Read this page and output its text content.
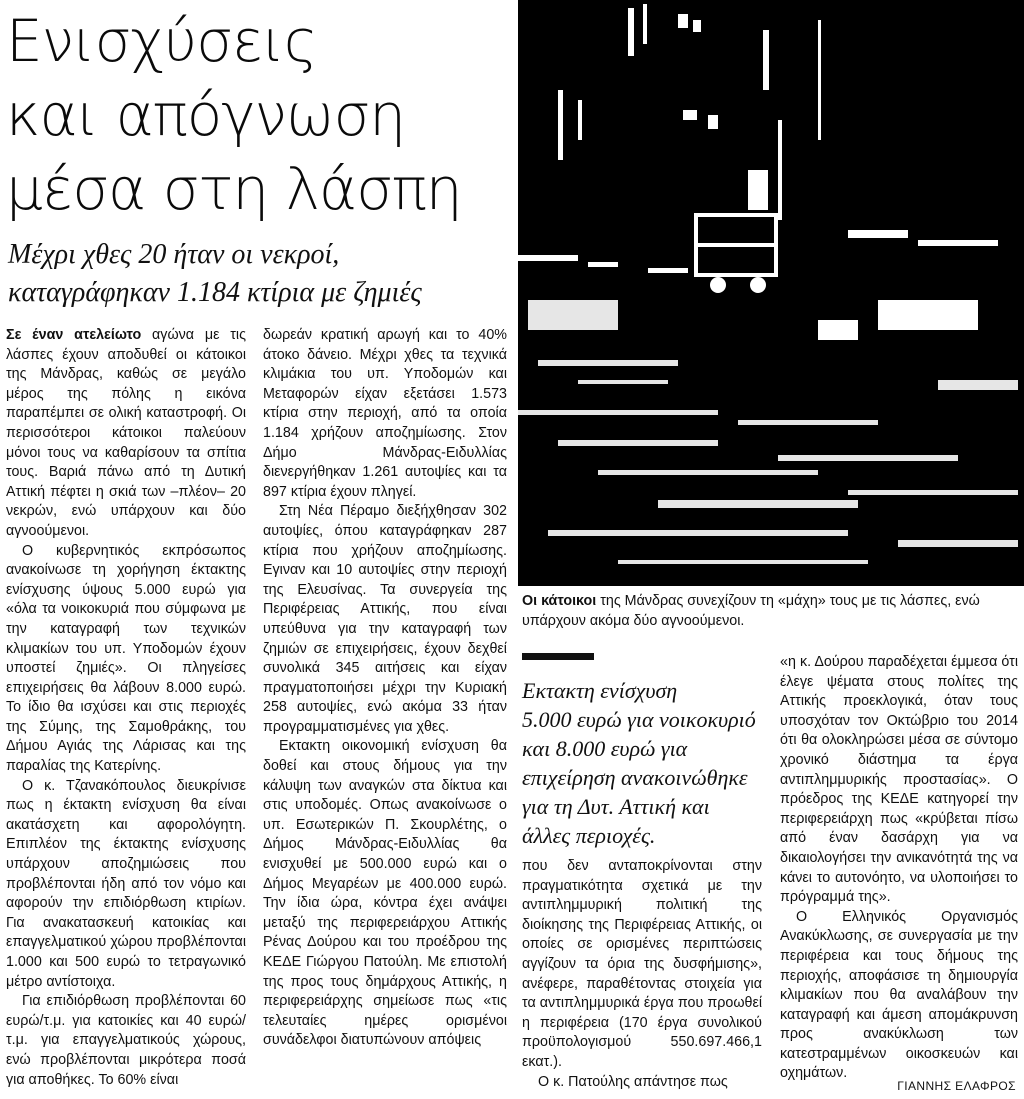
Ενισχύσεις
και απόγνωση
μέσα στη λάσπη
Μέχρι χθες 20 ήταν οι νεκροί,
καταγράφηκαν 1.184 κτίρια με ζημιές

Σε έναν ατελείωτο αγώνα με τις λάσπες έχουν αποδυθεί οι κάτοικοι της Μάνδρας, καθώς σε μεγάλο μέρος της πόλης η εικόνα παραπέμπει σε ολική καταστροφή. Οι περισσότεροι κάτοικοι παλεύουν μόνοι τους να καθαρίσουν τα σπίτια τους. Βαριά πάνω από τη Δυτική Αττική πέφτει η σκιά των –πλέον– 20 νεκρών, ενώ υπάρχουν και δύο αγνοούμενοι.

Ο κυβερνητικός εκπρόσωπος ανακοίνωσε τη χορήγηση έκτακτης ενίσχυσης ύψους 5.000 ευρώ για «όλα τα νοικοκυριά που σύμφωνα με την καταγραφή των τεχνικών κλιμακίων του υπ. Υποδομών έχουν υποστεί ζημιές». Οι πληγείσες επιχειρήσεις θα λάβουν 8.000 ευρώ. Το ίδιο θα ισχύσει και στις περιοχές της Σύμης, της Σαμοθράκης, του Δήμου Αγιάς της Λάρισας και της παραλίας της Κατερίνης.

Ο κ. Τζανακόπουλος διευκρίνισε πως η έκτακτη ενίσχυση θα είναι ακατάσχετη και αφορολόγητη. Επιπλέον της έκτακτης ενίσχυσης υπάρχουν αποζημιώσεις που προβλέπονται ήδη από τον νόμο και αφορούν την επιδιόρθωση κτιρίων. Για ανακατασκευή κατοικίας και επαγγελματικού χώρου προβλέπονται 1.000 και 500 ευρώ το τετραγωνικό μέτρο αντίστοιχα.

Για επιδιόρθωση προβλέπονται 60 ευρώ/τ.μ. για κατοικίες και 40 ευρώ/τ.μ. για επαγγελματικούς χώρους, ενώ προβλέπονται μικρότερα ποσά για αποθήκες. Το 60% είναι

δωρεάν κρατική αρωγή και το 40% άτοκο δάνειο. Μέχρι χθες τα τεχνικά κλιμάκια του υπ. Υποδομών και Μεταφορών είχαν εξετάσει 1.573 κτίρια στην περιοχή, από τα οποία 1.184 χρήζουν αποζημίωσης. Στον Δήμο Μάνδρας-Ειδυλλίας διενεργήθηκαν 1.261 αυτοψίες και τα 897 κτίρια έχουν πληγεί.

Στη Νέα Πέραμο διεξήχθησαν 302 αυτοψίες, όπου καταγράφηκαν 287 κτίρια που χρήζουν αποζημίωσης. Εγιναν και 10 αυτοψίες στην περιοχή της Ελευσίνας. Τα συνεργεία της Περιφέρειας Αττικής, που είναι υπεύθυνα για την καταγραφή των ζημιών σε επιχειρήσεις, έχουν δεχθεί συνολικά 345 αιτήσεις και είχαν πραγματοποιήσει μέχρι την Κυριακή 258 αυτοψίες, ενώ ακόμα 33 ήταν προγραμματισμένες για χθες.

Εκτακτη οικονομική ενίσχυση θα δοθεί και στους δήμους για την κάλυψη των αναγκών στα δίκτυα και στις υποδομές. Οπως ανακοίνωσε ο υπ. Εσωτερικών Π. Σκουρλέτης, ο Δήμος Μάνδρας-Ειδυλλίας θα ενισχυθεί με 500.000 ευρώ και ο Δήμος Μεγαρέων με 400.000 ευρώ. Την ίδια ώρα, κόντρα έχει ανάψει μεταξύ της περιφερειάρχου Αττικής Ρένας Δούρου και του προέδρου της ΚΕΔΕ Γιώργου Πατούλη. Με επιστολή της προς τους δημάρχους Αττικής, η περιφερειάρχης σημείωσε πως «τις τελευταίες ημέρες ορισμένοι συνάδελφοι διατυπώνουν απόψεις

Οι κάτοικοι της Μάνδρας συνεχίζουν τη «μάχη» τους με τις λάσπες, ενώ υπάρχουν ακόμα δύο αγνοούμενοι.
Εκτακτη ενίσχυση
5.000 ευρώ για νοικοκυριό και 8.000 ευρώ για επιχείρηση ανακοινώθηκε για τη Δυτ. Αττική και άλλες περιοχές.

που δεν ανταποκρίνονται στην πραγματικότητα σχετικά με την αντιπλημμυρική πολιτική της διοίκησης της Περιφέρειας Αττικής, οι οποίες σε ορισμένες περιπτώσεις αγγίζουν τα όρια της δυσφήμισης», ανέφερε, παραθέτοντας στοιχεία για τα αντιπλημμυρικά έργα που προωθεί η περιφέρεια (170 έργα συνολικού προϋπολογισμού 550.697.466,1 εκατ.).

Ο κ. Πατούλης απάντησε πως

«η κ. Δούρου παραδέχεται έμμεσα ότι έλεγε ψέματα στους πολίτες της Αττικής προεκλογικά, όταν τους υποσχόταν τον Οκτώβριο του 2014 ότι θα ολοκληρώσει μέσα σε σύντομο χρονικό διάστημα τα έργα αντιπλημμυρικής προστασίας». Ο πρόεδρος της ΚΕΔΕ κατηγορεί την περιφερειάρχη πως «κρύβεται πίσω από έναν δασάρχη για να δικαιολογήσει την ανικανότητά της να κάνει το αυτονόητο, να υλοποιήσει το πρόγραμμά της».

Ο Ελληνικός Οργανισμός Ανακύκλωσης, σε συνεργασία με την περιφέρεια και τους δήμους της περιοχής, αποφάσισε τη δημιουργία κλιμακίων που θα αναλάβουν την καταγραφή και άμεση απομάκρυνση προς ανακύκλωση των κατεστραμμένων οικοσκευών και οχημάτων.

ΓΙΑΝΝΗΣ ΕΛΑΦΡΟΣ
